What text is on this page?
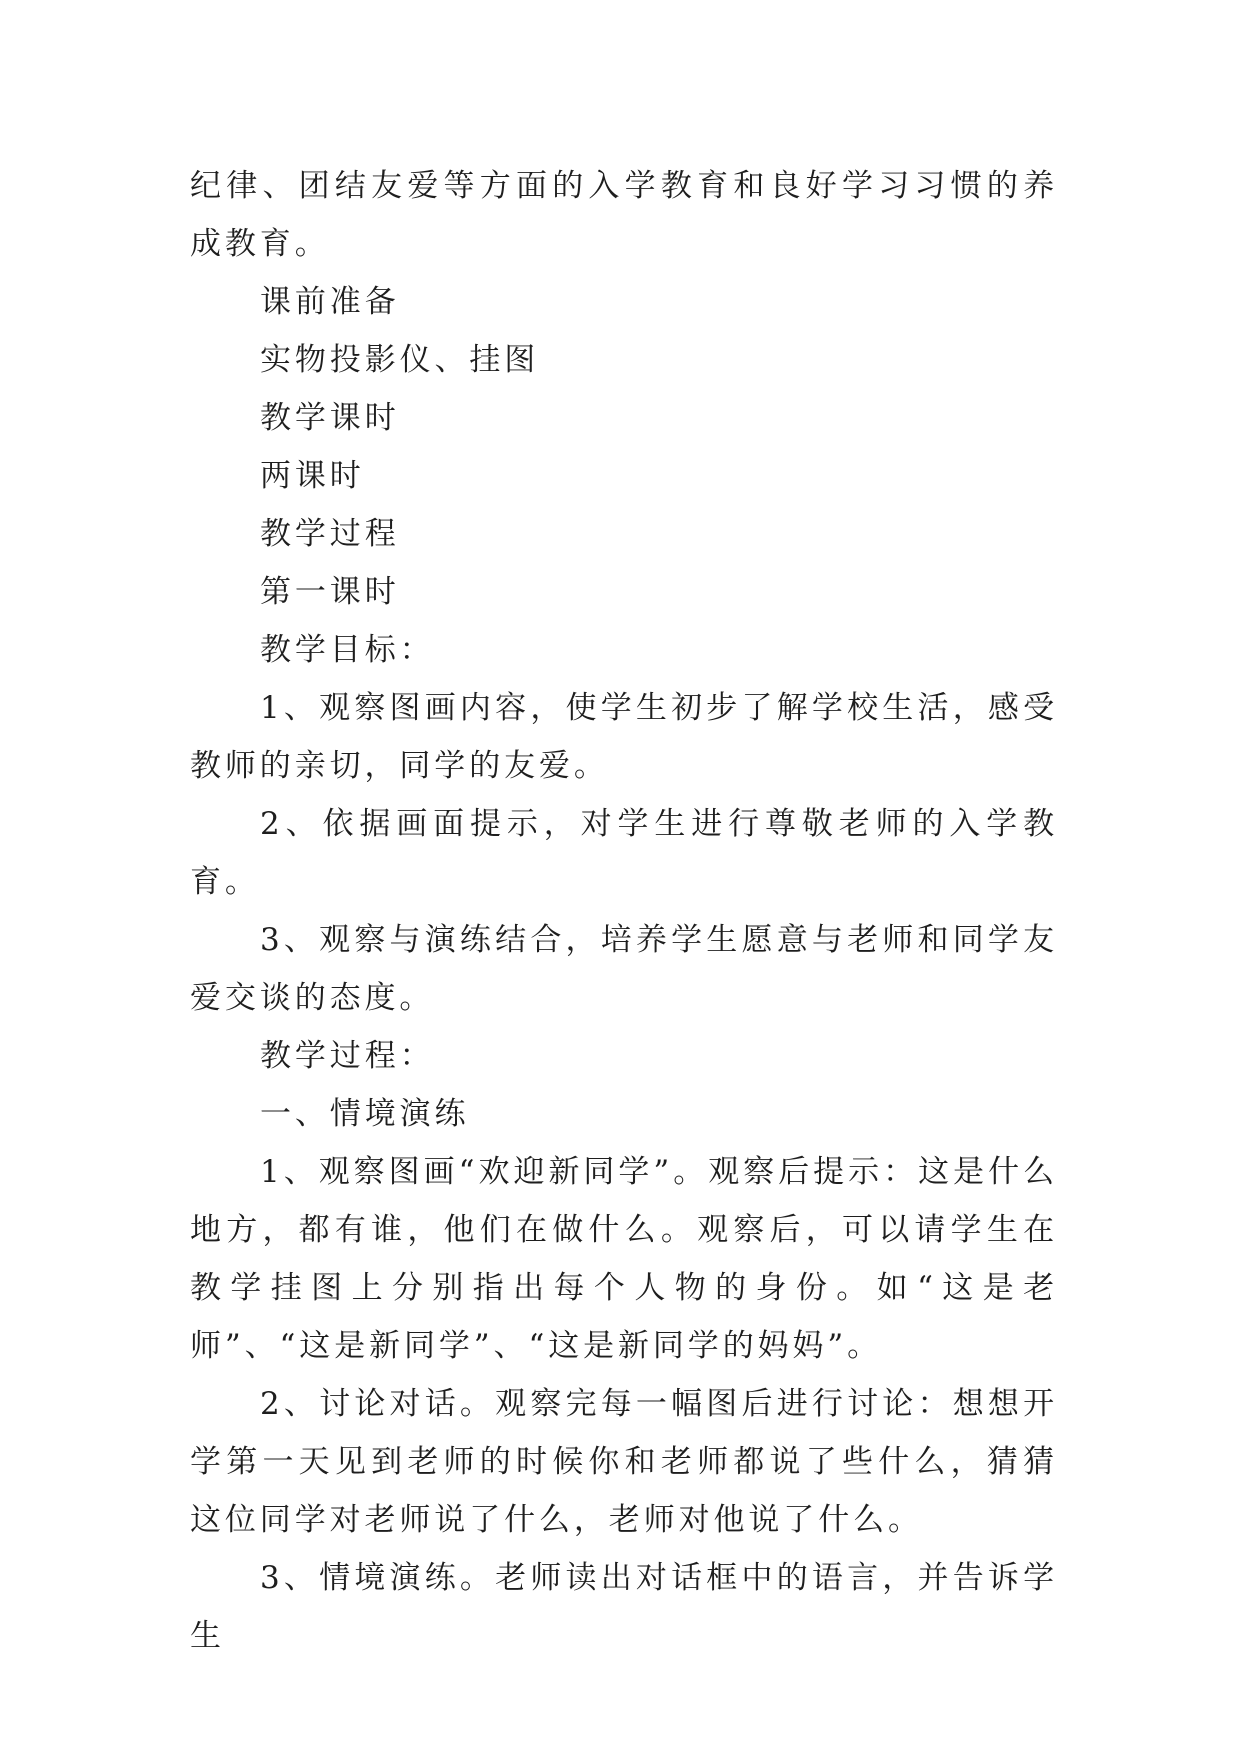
纪律、团结友爱等方面的入学教育和良好学习习惯的养成教育。

课前准备

实物投影仪、挂图

教学课时

两课时

教学过程

第一课时

教学目标：

1、观察图画内容，使学生初步了解学校生活，感受教师的亲切，同学的友爱。

2、依据画面提示，对学生进行尊敬老师的入学教育。

3、观察与演练结合，培养学生愿意与老师和同学友爱交谈的态度。

教学过程：

一、情境演练

1、观察图画“欢迎新同学”。观察后提示：这是什么地方，都有谁，他们在做什么。观察后，可以请学生在教学挂图上分别指出每个人物的身份。如“这是老师”、“这是新同学”、“这是新同学的妈妈”。

2、讨论对话。观察完每一幅图后进行讨论：想想开学第一天见到老师的时候你和老师都说了些什么，猜猜这位同学对老师说了什么，老师对他说了什么。

3、情境演练。老师读出对话框中的语言，并告诉学生
